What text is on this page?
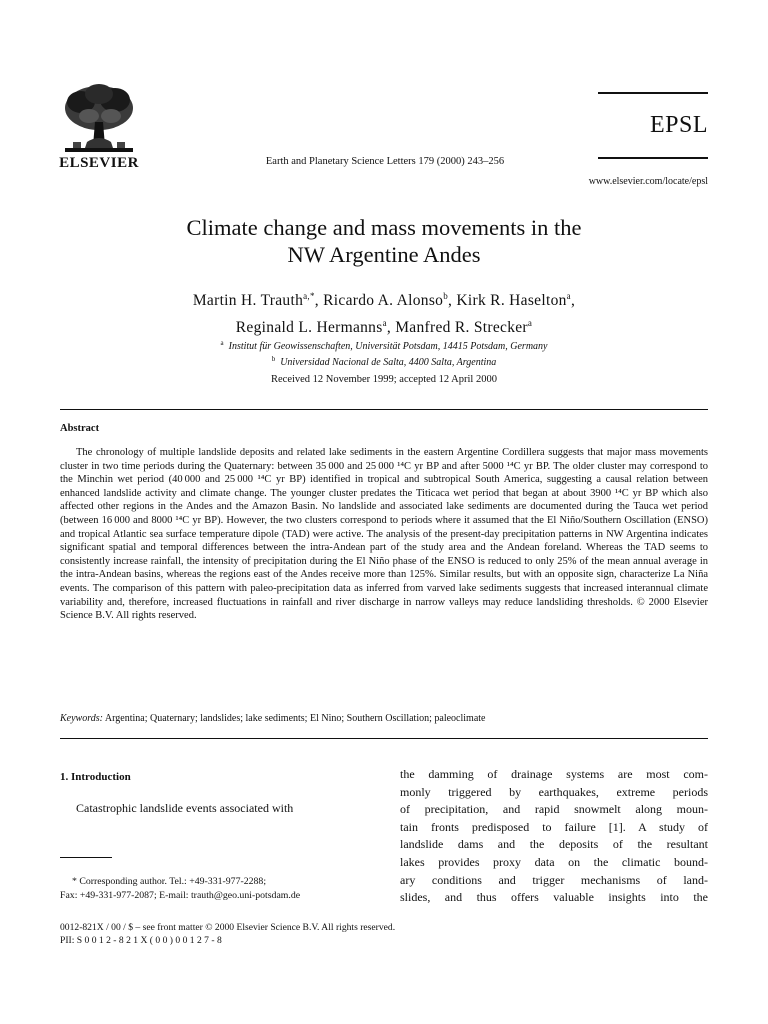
ELSEVIER	Earth and Planetary Science Letters 179 (2000) 243–256
EPSL
www.elsevier.com/locate/epsl
Climate change and mass movements in the
NW Argentine Andes
Martin H. Trauth$^{a,*}$, Ricardo A. Alonso$^b$, Kirk R. Haselton$^a$,
Reginald L. Hermanns$^a$, Manfred R. Strecker$^a$
$^a$ Institut für Geowissenschaften, Universität Potsdam, 14415 Potsdam, Germany
$^b$ Universidad Nacional de Salta, 4400 Salta, Argentina
Received 12 November 1999; accepted 12 April 2000
Abstract
The chronology of multiple landslide deposits and related lake sediments in the eastern Argentine Cordillera suggests that major mass movements cluster in two time periods during the Quaternary: between 35 000 and 25 000 ¹⁴C yr BP and after 5000 ¹⁴C yr BP. The older cluster may correspond to the Minchin wet period (40 000 and 25 000 ¹⁴C yr BP) identified in tropical and subtropical South America, suggesting a causal relation between enhanced landslide activity and climate change. The younger cluster predates the Titicaca wet period that began at about 3900 ¹⁴C yr BP which also affected other regions in the Andes and the Amazon Basin. No landslide and associated lake sediments are documented during the Tauca wet period (between 16 000 and 8000 ¹⁴C yr BP). However, the two clusters correspond to periods where it assumed that the El Niño/Southern Oscillation (ENSO) and tropical Atlantic sea surface temperature dipole (TAD) were active. The analysis of the present-day precipitation patterns in NW Argentina indicates significant spatial and temporal differences between the intra-Andean part of the study area and the Andean foreland. Whereas the TAD seems to consistently increase rainfall, the intensity of precipitation during the El Niño phase of the ENSO is reduced to only 25% of the mean annual average in the intra-Andean basins, whereas the regions east of the Andes receive more than 125%. Similar results, but with an opposite sign, characterize La Niña events. The comparison of this pattern with paleo-precipitation data as inferred from varved lake sediments suggests that increased interannual climate variability and, therefore, increased fluctuations in rainfall and river discharge in narrow valleys may reduce landsliding thresholds. © 2000 Elsevier Science B.V. All rights reserved.
Keywords: Argentina; Quaternary; landslides; lake sediments; El Nino; Southern Oscillation; paleoclimate
1. Introduction
Catastrophic landslide events associated with
the damming of drainage systems are most com-
monly triggered by earthquakes, extreme periods
of precipitation, and rapid snowmelt along moun-
tain fronts predisposed to failure [1]. A study of
landslide dams and the deposits of the resultant
lakes provides proxy data on the climatic bound-
ary conditions and trigger mechanisms of land-
slides, and thus offers valuable insights into the
* Corresponding author. Tel.: +49-331-977-2288;
Fax: +49-331-977-2087; E-mail: trauth@geo.uni-potsdam.de
0012-821X / 00 / $ – see front matter © 2000 Elsevier Science B.V. All rights reserved.
PII: S 0 0 1 2 - 8 2 1 X ( 0 0 ) 0 0 1 2 7 - 8
